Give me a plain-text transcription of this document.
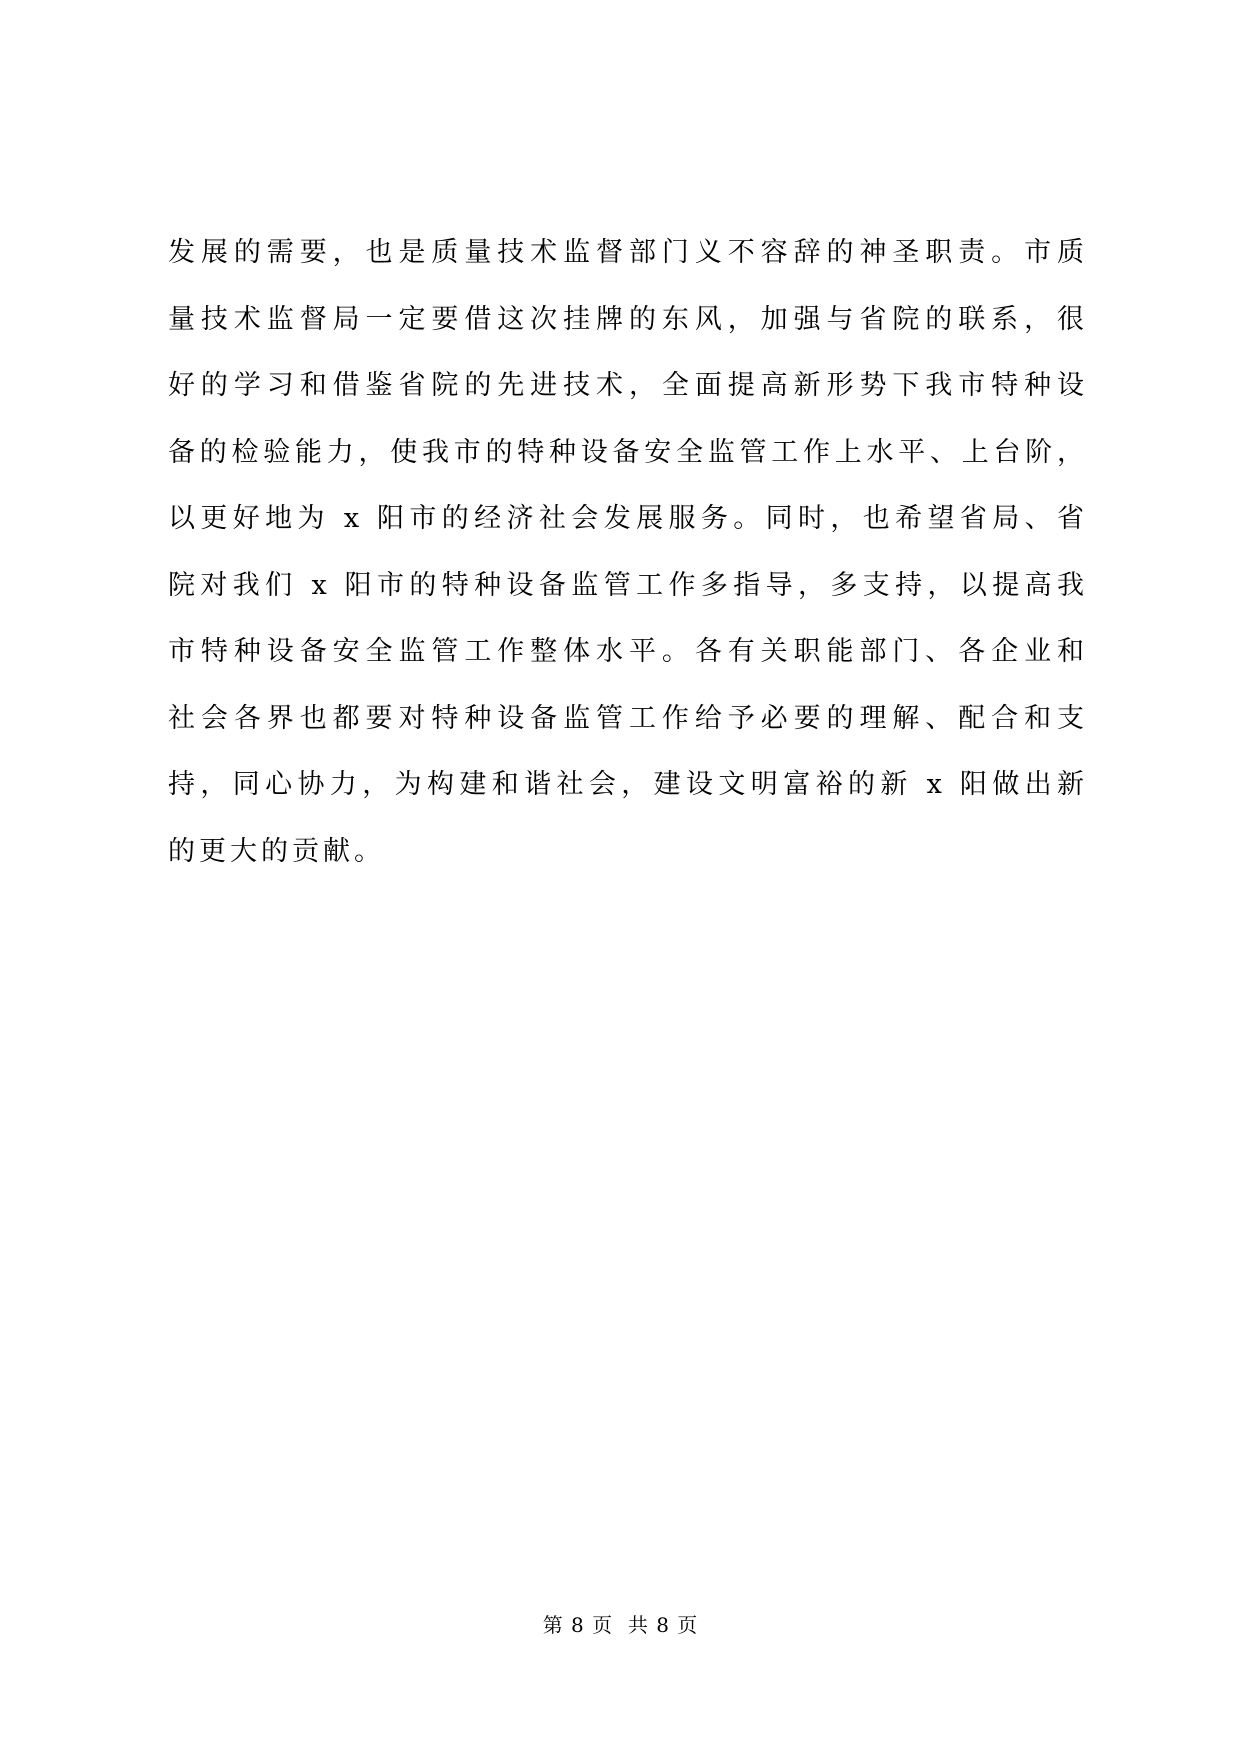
发展的需要，也是质量技术监督部门义不容辞的神圣职责。市质
量技术监督局一定要借这次挂牌的东风，加强与省院的联系，很
好的学习和借鉴省院的先进技术，全面提高新形势下我市特种设
备的检验能力，使我市的特种设备安全监管工作上水平、上台阶，
以更好地为 x 阳市的经济社会发展服务。同时，也希望省局、省
院对我们 x 阳市的特种设备监管工作多指导，多支持，以提高我
市特种设备安全监管工作整体水平。各有关职能部门、各企业和
社会各界也都要对特种设备监管工作给予必要的理解、配合和支
持，同心协力，为构建和谐社会，建设文明富裕的新 x 阳做出新
的更大的贡献。
第 8 页  共 8 页
